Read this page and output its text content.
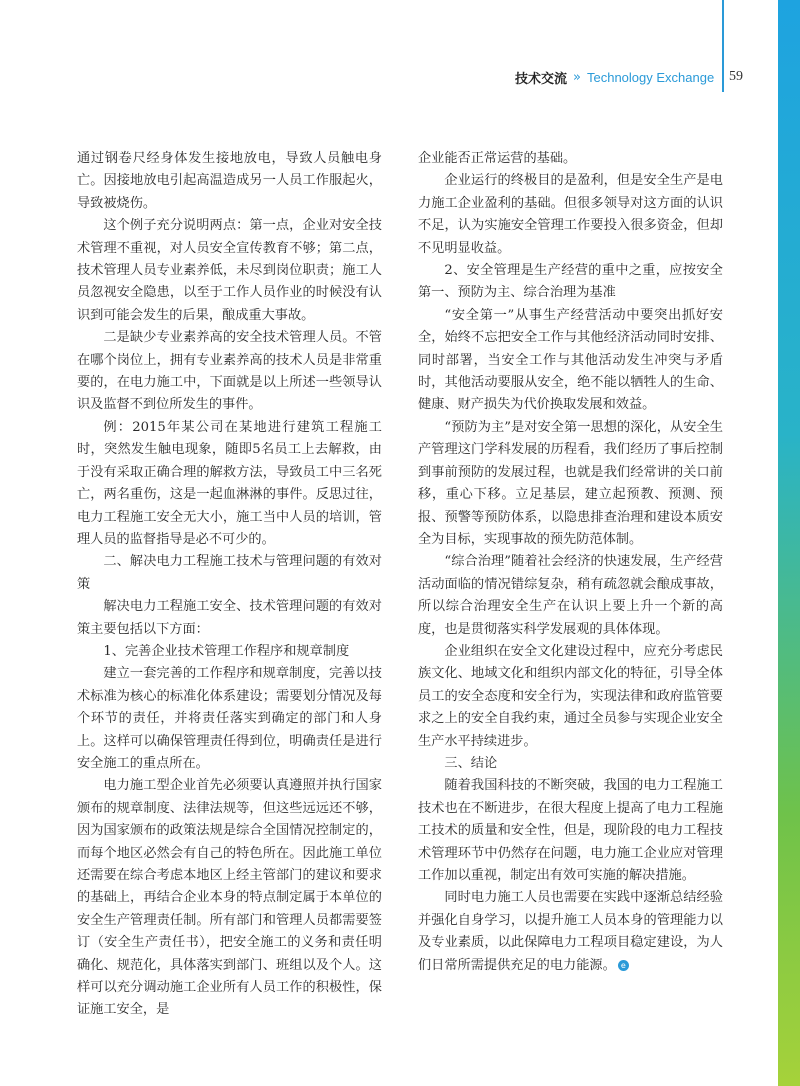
技术交流 » Technology Exchange 59

通过钢卷尺经身体发生接地放电，导致人员触电身亡。因接地放电引起高温造成另一人员工作服起火，导致被烧伤。

这个例子充分说明两点：第一点，企业对安全技术管理不重视，对人员安全宣传教育不够；第二点，技术管理人员专业素养低，未尽到岗位职责；施工人员忽视安全隐患，以至于工作人员作业的时候没有认识到可能会发生的后果，酿成重大事故。

二是缺少专业素养高的安全技术管理人员。不管在哪个岗位上，拥有专业素养高的技术人员是非常重要的，在电力施工中，下面就是以上所述一些领导认识及监督不到位所发生的事件。

例：2015年某公司在某地进行建筑工程施工时，突然发生触电现象，随即5名员工上去解救，由于没有采取正确合理的解救方法，导致员工中三名死亡，两名重伤，这是一起血淋淋的事件。反思过往，电力工程施工安全无大小，施工当中人员的培训，管理人员的监督指导是必不可少的。

二、解决电力工程施工技术与管理问题的有效对策

解决电力工程施工安全、技术管理问题的有效对策主要包括以下方面：

1、完善企业技术管理工作程序和规章制度

建立一套完善的工作程序和规章制度，完善以技术标准为核心的标准化体系建设；需要划分情况及每个环节的责任，并将责任落实到确定的部门和人身上。这样可以确保管理责任得到位，明确责任是进行安全施工的重点所在。

电力施工型企业首先必须要认真遵照并执行国家颁布的规章制度、法律法规等，但这些远远还不够，因为国家颁布的政策法规是综合全国情况控制定的，而每个地区必然会有自己的特色所在。因此施工单位还需要在综合考虑本地区上经主管部门的建议和要求的基础上，再结合企业本身的特点制定属于本单位的安全生产管理责任制。所有部门和管理人员都需要签订（安全生产责任书），把安全施工的义务和责任明确化、规范化，具体落实到部门、班组以及个人。这样可以充分调动施工企业所有人员工作的积极性，保证施工安全，是

企业能否正常运营的基础。

企业运行的终极目的是盈利，但是安全生产是电力施工企业盈利的基础。但很多领导对这方面的认识不足，认为实施安全管理工作要投入很多资金，但却不见明显收益。

2、安全管理是生产经营的重中之重，应按安全第一、预防为主、综合治理为基准

“安全第一”从事生产经营活动中要突出抓好安全，始终不忘把安全工作与其他经济活动同时安排、同时部署，当安全工作与其他活动发生冲突与矛盾时，其他活动要服从安全，绝不能以牺牲人的生命、健康、财产损失为代价换取发展和效益。

“预防为主”是对安全第一思想的深化，从安全生产管理这门学科发展的历程看，我们经历了事后控制到事前预防的发展过程，也就是我们经常讲的关口前移，重心下移。立足基层，建立起预教、预测、预报、预警等预防体系，以隐患排查治理和建设本质安全为目标，实现事故的预先防范体制。

“综合治理”随着社会经济的快速发展，生产经营活动面临的情况错综复杂，稍有疏忽就会酿成事故，所以综合治理安全生产在认识上要上升一个新的高度，也是贯彻落实科学发展观的具体体现。

企业组织在安全文化建设过程中，应充分考虑民族文化、地域文化和组织内部文化的特征，引导全体员工的安全态度和安全行为，实现法律和政府监管要求之上的安全自我约束，通过全员参与实现企业安全生产水平持续进步。

三、结论

随着我国科技的不断突破，我国的电力工程施工技术也在不断进步，在很大程度上提高了电力工程施工技术的质量和安全性，但是，现阶段的电力工程技术管理环节中仍然存在问题，电力施工企业应对管理工作加以重视，制定出有效可实施的解决措施。

同时电力施工人员也需要在实践中逐渐总结经验并强化自身学习，以提升施工人员本身的管理能力以及专业素质，以此保障电力工程项目稳定建设，为人们日常所需提供充足的电力能源。 e
